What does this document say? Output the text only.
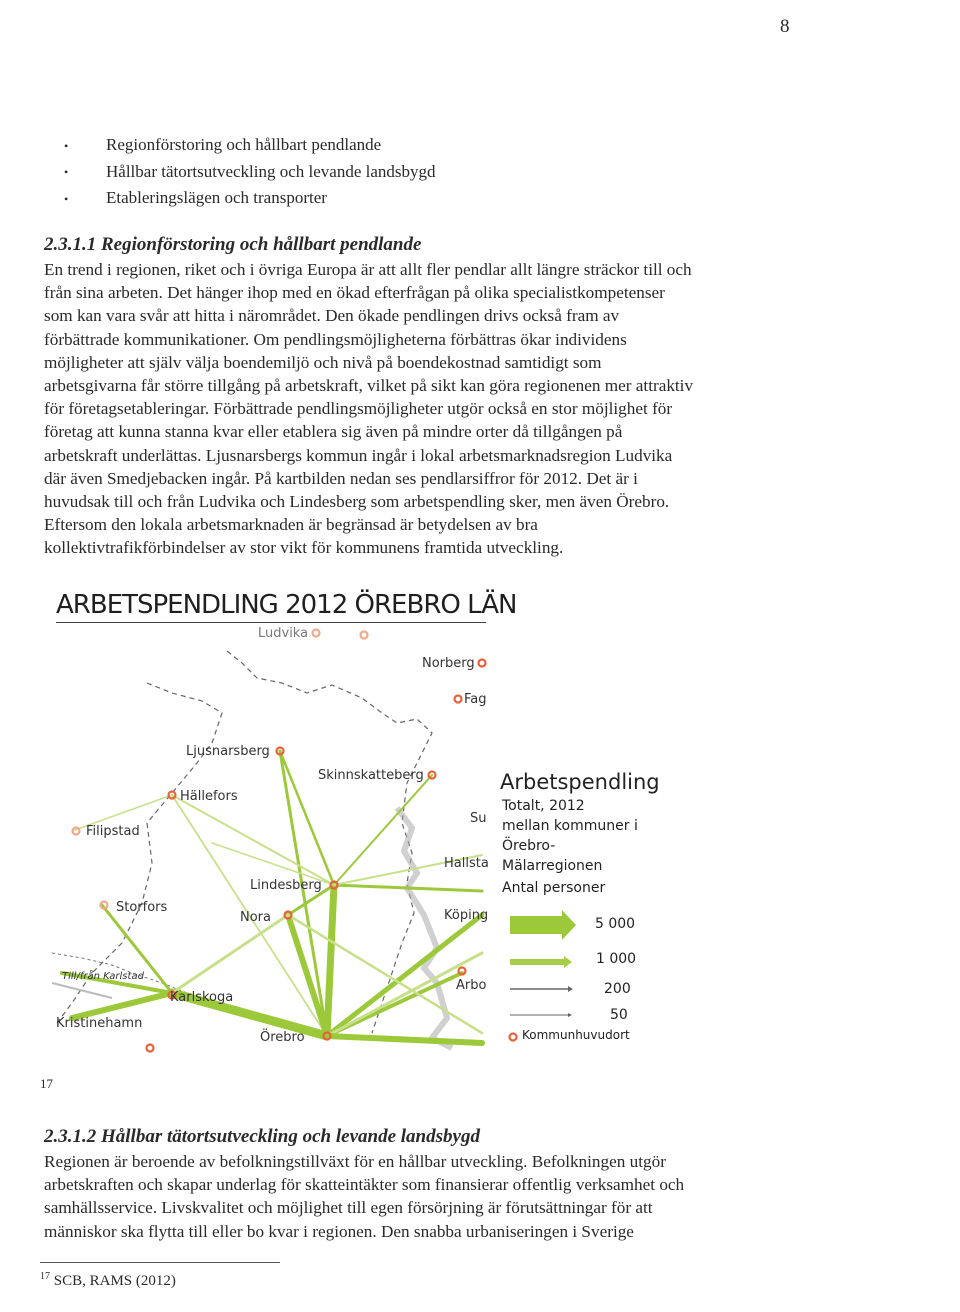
8
• Regionförstoring och hållbart pendlande
• Hållbar tätortsutveckling och levande landsbygd
• Etableringslägen och transporter
2.3.1.1 Regionförstoring och hållbart pendlande
En trend i regionen, riket och i övriga Europa är att allt fler pendlar allt längre sträckor till och
från sina arbeten. Det hänger ihop med en ökad efterfrågan på olika specialistkompetenser
som kan vara svår att hitta i närområdet. Den ökade pendlingen drivs också fram av
förbättrade kommunikationer. Om pendlingsmöjligheterna förbättras ökar individens
möjligheter att själv välja boendemiljö och nivå på boendekostnad samtidigt som
arbetsgivarna får större tillgång på arbetskraft, vilket på sikt kan göra regionenen mer attraktiv
för företagsetableringar. Förbättrade pendlingsmöjligheter utgör också en stor möjlighet för
företag att kunna stanna kvar eller etablera sig även på mindre orter då tillgången på
arbetskraft underlättas. Ljusnarsbergs kommun ingår i lokal arbetsmarknadsregion Ludvika
där även Smedjebacken ingår. På kartbilden nedan ses pendlarsiffror för 2012. Det är i
huvudsak till och från Ludvika och Lindesberg som arbetspendling sker, men även Örebro.
Eftersom den lokala arbetsmarknaden är begränsad är betydelsen av bra
kollektivtrafikförbindelser av stor vikt för kommunens framtida utveckling.
ARBETSPENDLING 2012 ÖREBRO LÄN
Ludvika
Norberg
Fag
Ljusnarsberg
Hällefors
Filipstad
Skinnskatteberg
Su
Hallsta
Lindesberg
Nora
Storfors
Köping
Arbo
Karlskoga
Till/från Karlstad
Kristinehamn
Örebro
Arbetspendling
Totalt, 2012
mellan kommuner i
Örebro-
Mälarregionen
Antal personer
5 000
1 000
200
50
Kommunhuvudort
17
2.3.1.2 Hållbar tätortsutveckling och levande landsbygd
Regionen är beroende av befolkningstillväxt för en hållbar utveckling. Befolkningen utgör
arbetskraften och skapar underlag för skatteintäkter som finansierar offentlig verksamhet och
samhällsservice. Livskvalitet och möjlighet till egen försörjning är förutsättningar för att
människor ska flytta till eller bo kvar i regionen. Den snabba urbaniseringen i Sverige
$^{17}$ SCB, RAMS (2012)
